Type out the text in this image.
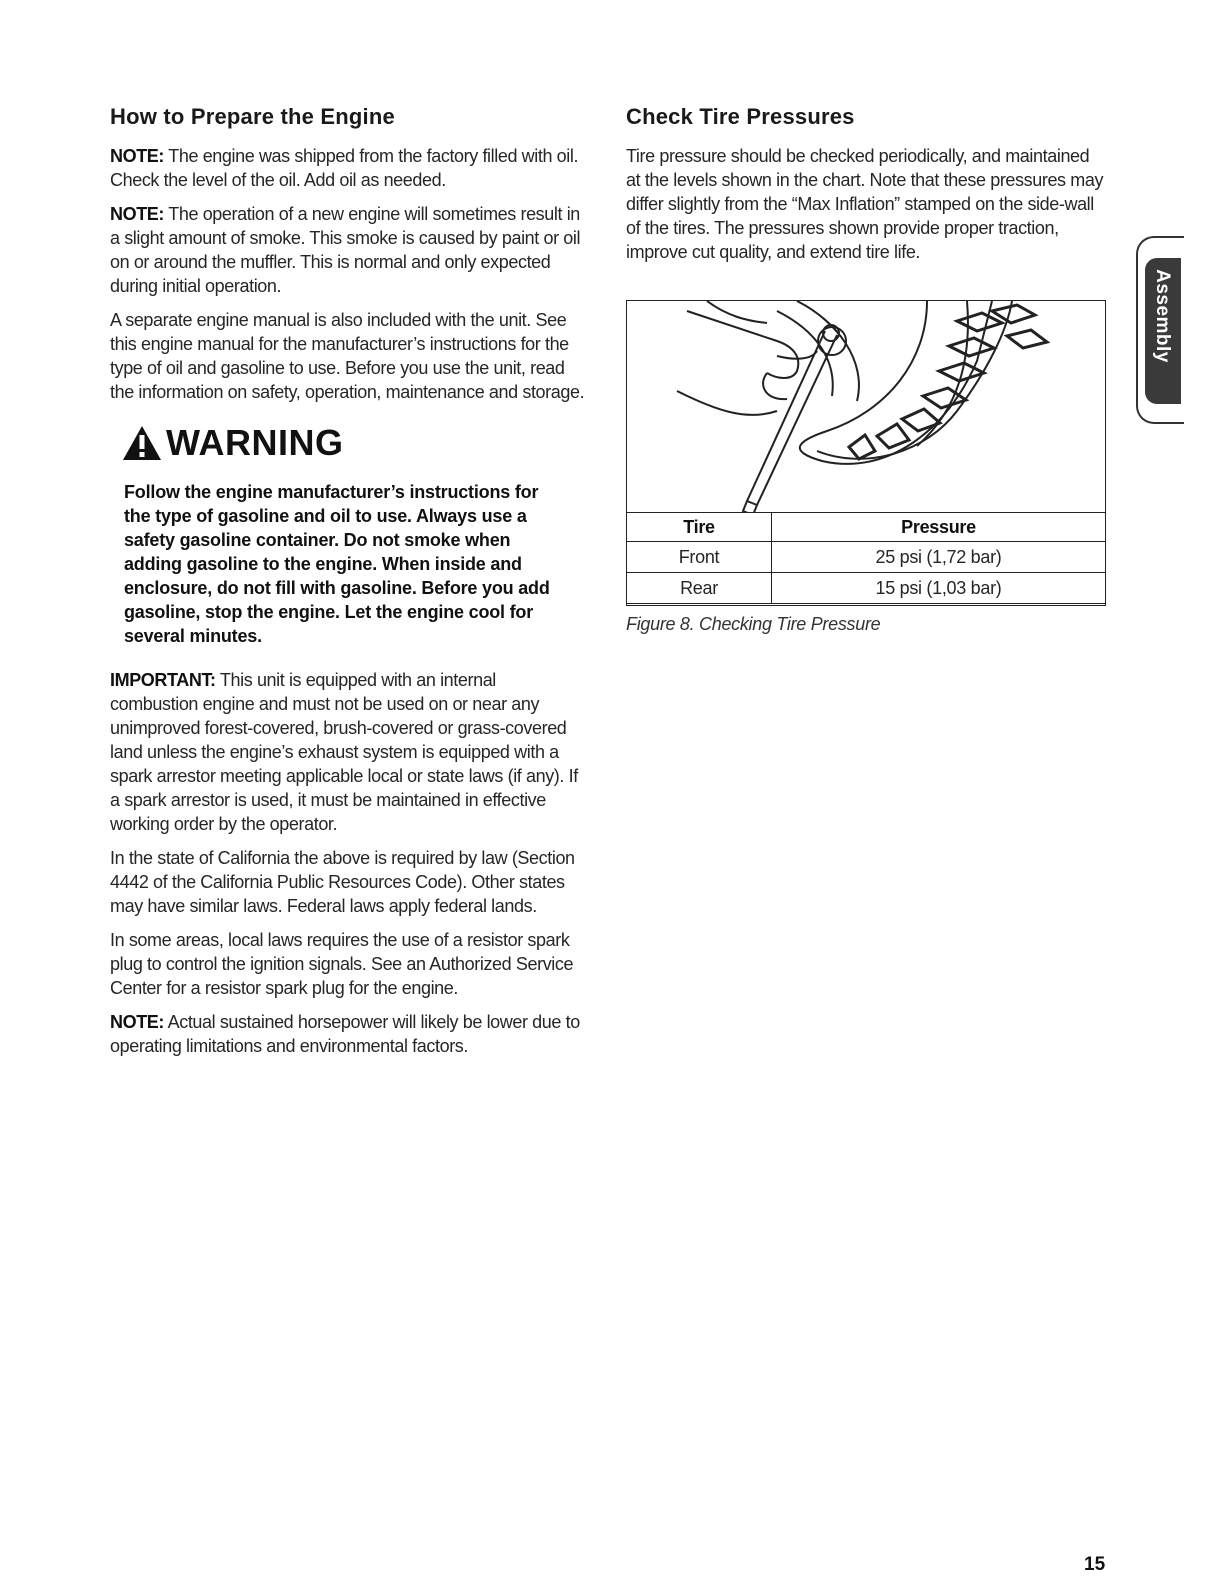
How to Prepare the Engine

NOTE: The engine was shipped from the factory filled with oil. Check the level of the oil. Add oil as needed.

NOTE: The operation of a new engine will sometimes result in a slight amount of smoke. This smoke is caused by paint or oil on or around the muffler. This is normal and only expected during initial operation.

A separate engine manual is also included with the unit. See this engine manual for the manufacturer’s instructions for the type of oil and gasoline to use. Before you use the unit, read the information on safety, operation, maintenance and storage.

WARNING
Follow the engine manufacturer’s instructions for the type of gasoline and oil to use. Always use a safety gasoline container. Do not smoke when adding gasoline to the engine. When inside and enclosure, do not fill with gasoline. Before you add gasoline, stop the engine. Let the engine cool for several minutes.

IMPORTANT: This unit is equipped with an internal combustion engine and must not be used on or near any unimproved forest-covered, brush-covered or grass-covered land unless the engine’s exhaust system is equipped with a spark arrestor meeting applicable local or state laws (if any). If a spark arrestor is used, it must be maintained in effective working order by the operator.

In the state of California the above is required by law (Section 4442 of the California Public Resources Code). Other states may have similar laws. Federal laws apply federal lands.

In some areas, local laws requires the use of a resistor spark plug to control the ignition signals. See an Authorized Service Center for a resistor spark plug for the engine.

NOTE: Actual sustained horsepower will likely be lower due to operating limitations and environmental factors.

Check Tire Pressures

Tire pressure should be checked periodically, and maintained at the levels shown in the chart. Note that these pressures may differ slightly from the “Max Inflation” stamped on the side-wall of the tires. The pressures shown provide proper traction, improve cut quality, and extend tire life.

Tire	Pressure
Front	25 psi (1,72 bar)
Rear	15 psi (1,03 bar)
Figure 8. Checking Tire Pressure
Assembly
15
